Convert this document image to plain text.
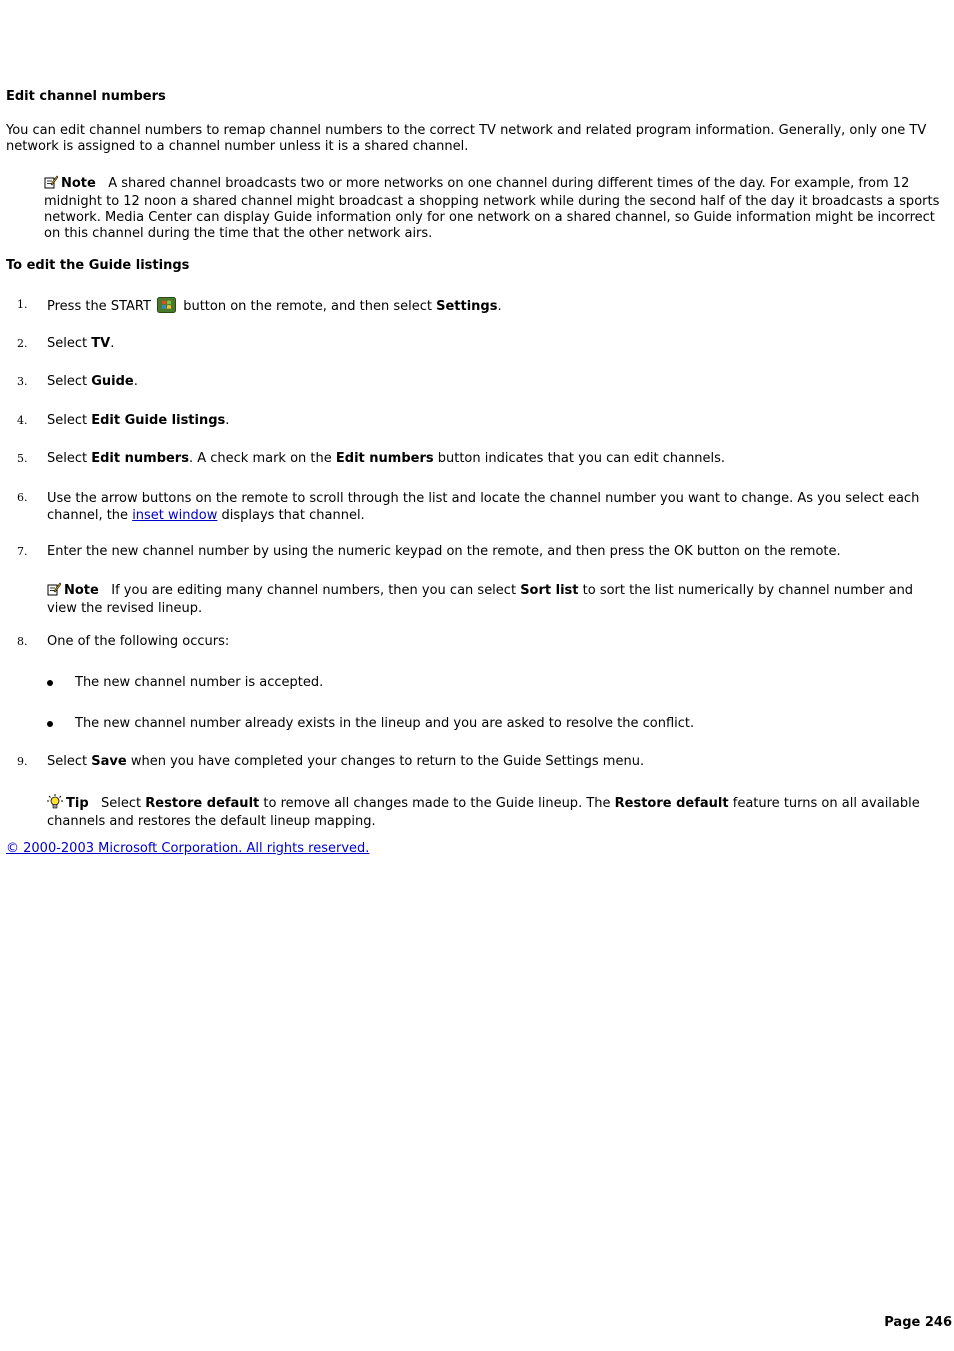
Edit channel numbers
You can edit channel numbers to remap channel numbers to the correct TV network and related program information. Generally, only one TV network is assigned to a channel number unless it is a shared channel.
Note A shared channel broadcasts two or more networks on one channel during different times of the day. For example, from 12 midnight to 12 noon a shared channel might broadcast a shopping network while during the second half of the day it broadcasts a sports network. Media Center can display Guide information only for one network on a shared channel, so Guide information might be incorrect on this channel during the time that the other network airs.
To edit the Guide listings
1. Press the START button on the remote, and then select Settings.
2. Select TV.
3. Select Guide.
4. Select Edit Guide listings.
5. Select Edit numbers. A check mark on the Edit numbers button indicates that you can edit channels.
6. Use the arrow buttons on the remote to scroll through the list and locate the channel number you want to change. As you select each channel, the inset window displays that channel.
7. Enter the new channel number by using the numeric keypad on the remote, and then press the OK button on the remote.
Note If you are editing many channel numbers, then you can select Sort list to sort the list numerically by channel number and view the revised lineup.
8. One of the following occurs:
The new channel number is accepted.
The new channel number already exists in the lineup and you are asked to resolve the conflict.
9. Select Save when you have completed your changes to return to the Guide Settings menu.
Tip Select Restore default to remove all changes made to the Guide lineup. The Restore default feature turns on all available channels and restores the default lineup mapping.
© 2000-2003 Microsoft Corporation. All rights reserved.
Page 246
